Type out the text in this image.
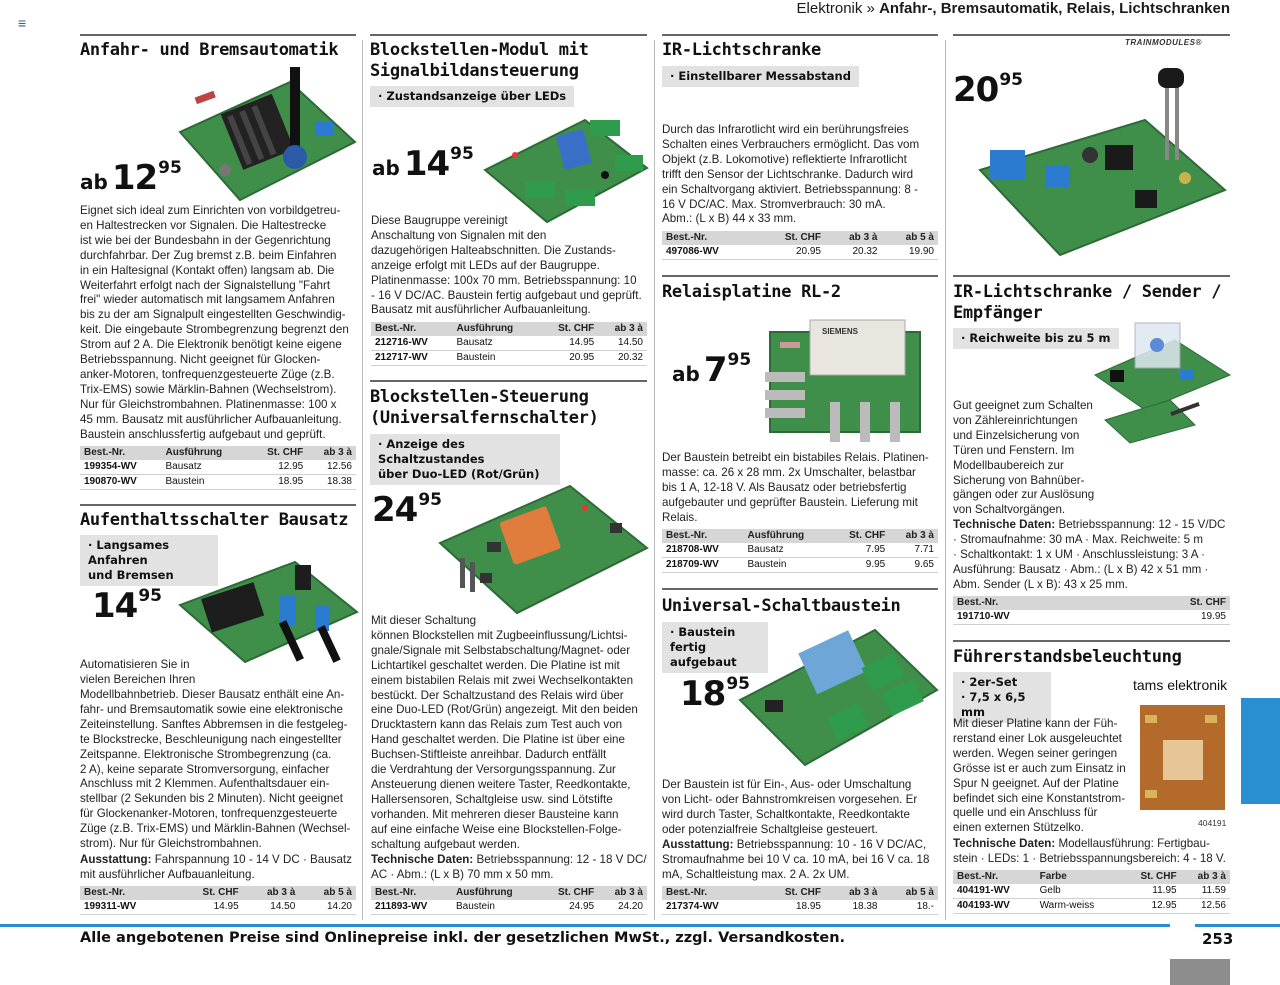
≡
Elektronik » Anfahr-, Bremsautomatik, Relais, Lichtschranken
Anfahr- und Bremsautomatik
ab 1295
Eignet sich ideal zum Einrichten von vorbildgetreu-
en Haltestrecken vor Signalen. Die Haltestrecke
ist wie bei der Bundesbahn in der Gegenrichtung
durchfahrbar. Der Zug bremst z.B. beim Einfahren
in ein Haltesignal (Kontakt offen) langsam ab. Die
Weiterfahrt erfolgt nach der Signalstellung "Fahrt
frei" wieder automatisch mit langsamem Anfahren
bis zu der am Signalpult eingestellten Geschwindig-
keit. Die eingebaute Strombegrenzung begrenzt den
Strom auf 2 A. Die Elektronik benötigt keine eigene
Betriebsspannung. Nicht geeignet für Glocken-
anker-Motoren, tonfrequenzgesteuerte Züge (z.B.
Trix-EMS) sowie Märklin-Bahnen (Wechselstrom).
Nur für Gleichstrombahnen. Platinenmasse: 100 x
45 mm. Bausatz mit ausführlicher Aufbauanleitung.
Baustein anschlussfertig aufgebaut und geprüft.
Best.-Nr.	Ausführung	St. CHF	ab 3 à
199354-WV	Bausatz	12.95	12.56
190870-WV	Baustein	18.95	18.38
Aufenthaltsschalter Bausatz
· Langsames Anfahren
und Bremsen
1495
Automatisieren Sie in
vielen Bereichen Ihren
Modellbahnbetrieb. Dieser Bausatz enthält eine An-
fahr- und Bremsautomatik sowie eine elektronische
Zeiteinstellung. Sanftes Abbremsen in die festgeleg-
te Blockstrecke, Beschleunigung nach eingestellter
Zeitspanne. Elektronische Strombegrenzung (ca.
2 A), keine separate Stromversorgung, einfacher
Anschluss mit 2 Klemmen. Aufenthaltsdauer ein-
stellbar (2 Sekunden bis 2 Minuten). Nicht geeignet
für Glockenanker-Motoren, tonfrequenzgesteuerte
Züge (z.B. Trix-EMS) und Märklin-Bahnen (Wechsel-
strom). Nur für Gleichstrombahnen.
Ausstattung: Fahrspannung 10 - 14 V DC · Bausatz
mit ausführlicher Aufbauanleitung.
Best.-Nr.	St. CHF	ab 3 à	ab 5 à
199311-WV	14.95	14.50	14.20
Blockstellen-Modul mit
Signalbildansteuerung
· Zustandsanzeige über LEDs
ab 1495
Diese Baugruppe vereinigt
Anschaltung von Signalen mit den
dazugehörigen Halteabschnitten. Die Zustands-
anzeige erfolgt mit LEDs auf der Baugruppe.
Platinenmasse: 100x 70 mm. Betriebsspannung: 10
- 16 V DC/AC. Baustein fertig aufgebaut und geprüft.
Bausatz mit ausführlicher Aufbauanleitung.
Best.-Nr.	Ausführung	St. CHF	ab 3 à
212716-WV	Bausatz	14.95	14.50
212717-WV	Baustein	20.95	20.32
Blockstellen-Steuerung
(Universalfernschalter)
· Anzeige des Schaltzustandes
über Duo-LED (Rot/Grün)
2495
Mit dieser Schaltung
können Blockstellen mit Zugbeeinflussung/Lichtsi-
gnale/Signale mit Selbstabschaltung/Magnet- oder
Lichtartikel geschaltet werden. Die Platine ist mit
einem bistabilen Relais mit zwei Wechselkontakten
bestückt. Der Schaltzustand des Relais wird über
eine Duo-LED (Rot/Grün) angezeigt. Mit den beiden
Drucktastern kann das Relais zum Test auch von
Hand geschaltet werden. Die Platine ist über eine
Buchsen-Stiftleiste anreihbar. Dadurch entfällt
die Verdrahtung der Versorgungsspannung. Zur
Ansteuerung dienen weitere Taster, Reedkontakte,
Hallersensoren, Schaltgleise usw. sind Lötstifte
vorhanden. Mit mehreren dieser Bausteine kann
auf eine einfache Weise eine Blockstellen-Folge-
schaltung aufgebaut werden.
Technische Daten: Betriebsspannung: 12 - 18 V DC/
AC · Abm.: (L x B) 70 mm x 50 mm.
Best.-Nr.	Ausführung	St. CHF	ab 3 à
211893-WV	Baustein	24.95	24.20
IR-Lichtschranke
· Einstellbarer Messabstand
Durch das Infrarotlicht wird ein berührungsfreies
Schalten eines Verbrauchers ermöglicht. Das vom
Objekt (z.B. Lokomotive) reflektierte Infrarotlicht
trifft den Sensor der Lichtschranke. Dadurch wird
ein Schaltvorgang aktiviert. Betriebsspannung: 8 -
16 V DC/AC. Max. Stromverbrauch: 30 mA.
Abm.: (L x B) 44 x 33 mm.
Best.-Nr.	St. CHF	ab 3 à	ab 5 à
497086-WV	20.95	20.32	19.90
Relaisplatine RL-2
SIEMENS
ab 795
Der Baustein betreibt ein bistabiles Relais. Platinen-
masse: ca. 26 x 28 mm. 2x Umschalter, belastbar
bis 1 A, 12-18 V. Als Bausatz oder betriebsfertig
aufgebauter und geprüfter Baustein. Lieferung mit
Relais.
Best.-Nr.	Ausführung	St. CHF	ab 3 à
218708-WV	Bausatz	7.95	7.71
218709-WV	Baustein	9.95	9.65
Universal-Schaltbaustein
· Baustein fertig
aufgebaut
1895
Der Baustein ist für Ein-, Aus- oder Umschaltung
von Licht- oder Bahnstromkreisen vorgesehen. Er
wird durch Taster, Schaltkontakte, Reedkontakte
oder potenzialfreie Schaltgleise gesteuert.
Ausstattung: Betriebsspannung: 10 - 16 V DC/AC,
Stromaufnahme bei 10 V ca. 10 mA, bei 16 V ca. 18
mA, Schaltleistung max. 2 A. 2x UM.
Best.-Nr.	St. CHF	ab 3 à	ab 5 à
217374-WV	18.95	18.38	18.-
TRAINMODULES®
2095
IR-Lichtschranke / Sender /
Empfänger
· Reichweite bis zu 5 m
Gut geeignet zum Schalten
von Zählereinrichtungen
und Einzelsicherung von
Türen und Fenstern. Im
Modellbaubereich zur
Sicherung von Bahnüber-
gängen oder zur Auslösung
von Schaltvorgängen.
Technische Daten: Betriebsspannung: 12 - 15 V/DC
· Stromaufnahme: 30 mA · Max. Reichweite: 5 m
· Schaltkontakt: 1 x UM · Anschlussleistung: 3 A ·
Ausführung: Bausatz · Abm.: (L x B) 42 x 51 mm ·
Abm. Sender (L x B): 43 x 25 mm.
Best.-Nr.	St. CHF
191710-WV	19.95
Führerstandsbeleuchtung
· 2er-Set
· 7,5 x 6,5 mm
tams elektronik
404191
Mit dieser Platine kann der Füh-
rerstand einer Lok ausgeleuchtet
werden. Wegen seiner geringen
Grösse ist er auch zum Einsatz in
Spur N geeignet. Auf der Platine
befindet sich eine Konstantstrom-
quelle und ein Anschluss für
einen externen Stützelko.
Technische Daten: Modellausführung: Fertigbau-
stein · LEDs: 1 · Betriebsspannungsbereich: 4 - 18 V.
Best.-Nr.	Farbe	St. CHF	ab 3 à
404191-WV	Gelb	11.95	11.59
404193-WV	Warm-weiss	12.95	12.56
Alle angebotenen Preise sind Onlinepreise inkl. der gesetzlichen MwSt., zzgl. Versandkosten.	253
